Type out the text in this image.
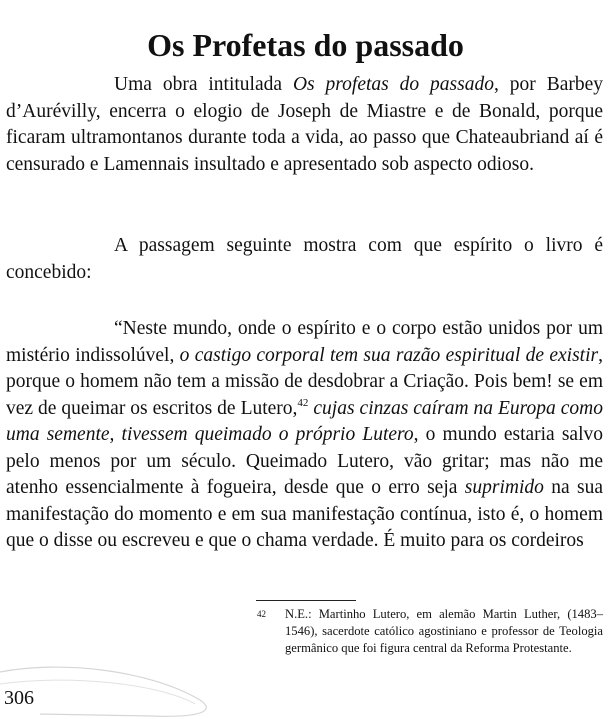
Os Profetas do passado

Uma obra intitulada Os profetas do passado, por Barbey d’Aurévilly, encerra o elogio de Joseph de Miastre e de Bonald, porque ficaram ultramontanos durante toda a vida, ao passo que Chateaubriand aí é censurado e Lamennais insultado e apresentado sob aspecto odioso.

A passagem seguinte mostra com que espírito o livro é concebido:

“Neste mundo, onde o espírito e o corpo estão unidos por um mistério indissolúvel, o castigo corporal tem sua razão espiritual de existir, porque o homem não tem a missão de desdobrar a Criação. Pois bem! se em vez de queimar os escritos de Lutero,$^{42}$ cujas cinzas caíram na Europa como uma semente, tivessem queimado o próprio Lutero, o mundo estaria salvo pelo menos por um século. Queimado Lutero, vão gritar; mas não me atenho essencialmente à fogueira, desde que o erro seja suprimido na sua manifestação do momento e em sua manifestação contínua, isto é, o homem que o disse ou escreveu e que o chama verdade. É muito para os cordeiros

42 N.E.: Martinho Lutero, em alemão Martin Luther, (1483–1546), sacerdote católico agostiniano e professor de Teologia germânico que foi figura central da Reforma Protestante.

306
